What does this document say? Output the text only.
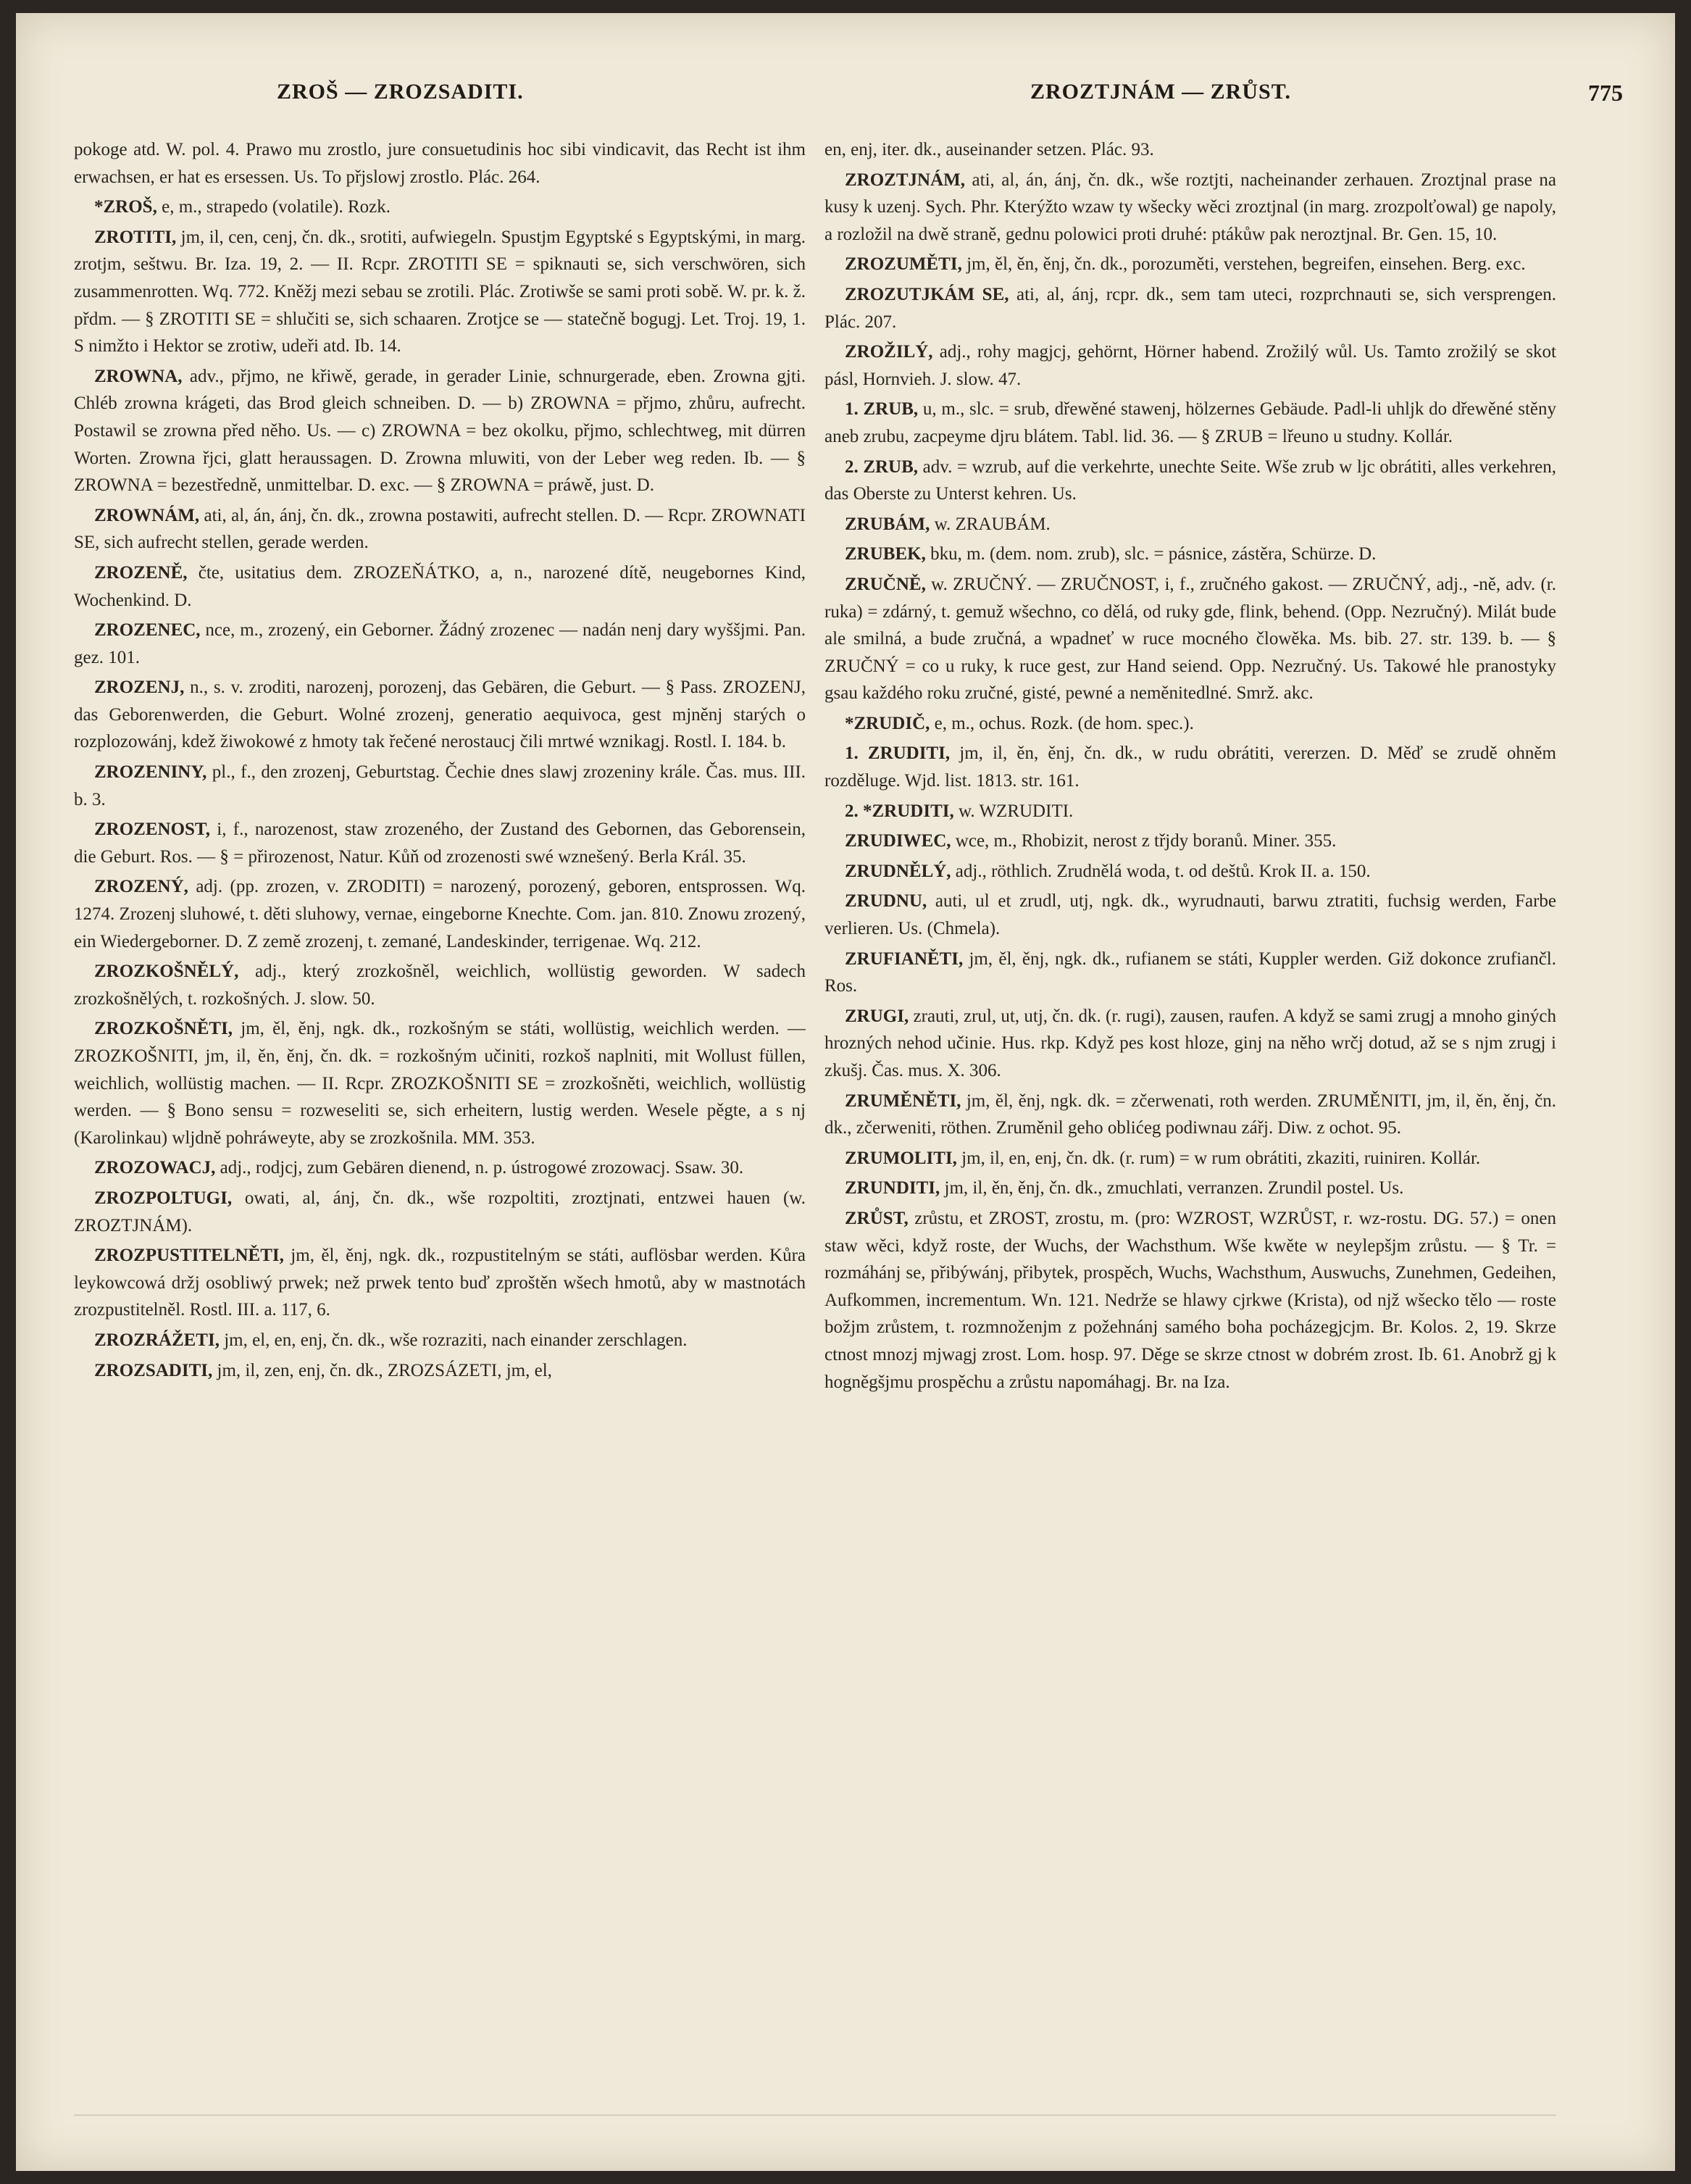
ZROŠ — ZROZSADITI.	ZROZTJNÁM — ZRŮST.	775

pokoge atd. W. pol. 4. Prawo mu zrostlo, jure consuetudinis hoc sibi vindicavit, das Recht ist ihm erwachsen, er hat es ersessen. Us. To přjslowj zrostlo. Plác. 264.

*ZROŠ, e, m., strapedo (volatile). Rozk.

ZROTITI, jm, il, cen, cenj, čn. dk., srotiti, aufwiegeln. Spustjm Egyptské s Egyptskými, in marg. zrotjm, seštwu. Br. Iza. 19, 2. — II. Rcpr. ZROTITI SE = spiknauti se, sich verschwören, sich zusammenrotten. Wq. 772. Kněžj mezi sebau se zrotili. Plác. Zrotiwše se sami proti sobě. W. pr. k. ž. přdm. — § ZROTITI SE = shlučiti se, sich schaaren. Zrotjce se — statečně bogugj. Let. Troj. 19, 1. S nimžto i Hektor se zrotiw, udeři atd. Ib. 14.

ZROWNA, adv., přjmo, ne křiwě, gerade, in gerader Linie, schnurgerade, eben. Zrowna gjti. Chléb zrowna krágeti, das Brod gleich schneiben. D. — b) ZROWNA = přjmo, zhůru, aufrecht. Postawil se zrowna před něho. Us. — c) ZROWNA = bez okolku, přjmo, schlechtweg, mit dürren Worten. Zrowna řjci, glatt heraussagen. D. Zrowna mluwiti, von der Leber weg reden. Ib. — § ZROWNA = bezestředně, unmittelbar. D. exc. — § ZROWNA = práwě, just. D.

ZROWNÁM, ati, al, án, ánj, čn. dk., zrowna postawiti, aufrecht stellen. D. — Rcpr. ZROWNATI SE, sich aufrecht stellen, gerade werden.

ZROZENĚ, čte, usitatius dem. ZROZEŇÁTKO, a, n., narozené dítě, neugebornes Kind, Wochenkind. D.

ZROZENEC, nce, m., zrozený, ein Geborner. Žádný zrozenec — nadán nenj dary wyššjmi. Pan. gez. 101.

ZROZENJ, n., s. v. zroditi, narozenj, porozenj, das Gebären, die Geburt. — § Pass. ZROZENJ, das Geborenwerden, die Geburt. Wolné zrozenj, generatio aequivoca, gest mjněnj starých o rozplozowánj, kdež žiwokowé z hmoty tak řečené nerostaucj čili mrtwé wznikagj. Rostl. I. 184. b.

ZROZENINY, pl., f., den zrozenj, Geburtstag. Čechie dnes slawj zrozeniny krále. Čas. mus. III. b. 3.

ZROZENOST, i, f., narozenost, staw zrozeného, der Zustand des Gebornen, das Geborensein, die Geburt. Ros. — § = přirozenost, Natur. Kůň od zrozenosti swé wznešený. Berla Král. 35.

ZROZENÝ, adj. (pp. zrozen, v. ZRODITI) = narozený, porozený, geboren, entsprossen. Wq. 1274. Zrozenj sluhowé, t. děti sluhowy, vernae, eingeborne Knechte. Com. jan. 810. Znowu zrozený, ein Wiedergeborner. D. Z země zrozenj, t. zemané, Landeskinder, terrigenae. Wq. 212.

ZROZKOŠNĚLÝ, adj., který zrozkošněl, weichlich, wollüstig geworden. W sadech zrozkošnělých, t. rozkošných. J. slow. 50.

ZROZKOŠNĚTI, jm, ěl, ěnj, ngk. dk., rozkošným se státi, wollüstig, weichlich werden. — ZROZKOŠNITI, jm, il, ěn, ěnj, čn. dk. = rozkošným učiniti, rozkoš naplniti, mit Wollust füllen, weichlich, wollüstig machen. — II. Rcpr. ZROZKOŠNITI SE = zrozkošněti, weichlich, wollüstig werden. — § Bono sensu = rozweseliti se, sich erheitern, lustig werden. Wesele pěgte, a s nj (Karolinkau) wljdně pohráweyte, aby se zrozkošnila. MM. 353.

ZROZOWACJ, adj., rodjcj, zum Gebären dienend, n. p. ústrogowé zrozowacj. Ssaw. 30.

ZROZPOLTUGI, owati, al, ánj, čn. dk., wše rozpoltiti, zroztjnati, entzwei hauen (w. ZROZTJNÁM).

ZROZPUSTITELNĚTI, jm, ěl, ěnj, ngk. dk., rozpustitelným se státi, auflösbar werden. Kůra leykowcowá držj osobliwý prwek; než prwek tento buď zproštěn wšech hmotů, aby w mastnotách zrozpustitelněl. Rostl. III. a. 117, 6.

ZROZRÁŽETI, jm, el, en, enj, čn. dk., wše rozraziti, nach einander zerschlagen.

ZROZSADITI, jm, il, zen, enj, čn. dk., ZROZSÁZETI, jm, el,

en, enj, iter. dk., auseinander setzen. Plác. 93.

ZROZTJNÁM, ati, al, án, ánj, čn. dk., wše roztjti, nacheinander zerhauen. Zroztjnal prase na kusy k uzenj. Sych. Phr. Kterýžto wzaw ty wšecky wěci zroztjnal (in marg. zrozpolťowal) ge napoly, a rozložil na dwě straně, gednu polowici proti druhé: ptákůw pak neroztjnal. Br. Gen. 15, 10.

ZROZUMĚTI, jm, ěl, ěn, ěnj, čn. dk., porozuměti, verstehen, begreifen, einsehen. Berg. exc.

ZROZUTJKÁM SE, ati, al, ánj, rcpr. dk., sem tam uteci, rozprchnauti se, sich versprengen. Plác. 207.

ZROŽILÝ, adj., rohy magjcj, gehörnt, Hörner habend. Zrožilý wůl. Us. Tamto zrožilý se skot pásl, Hornvieh. J. slow. 47.

1. ZRUB, u, m., slc. = srub, dřewěné stawenj, hölzernes Gebäude. Padl-li uhljk do dřewěné stěny aneb zrubu, zacpeyme djru blátem. Tabl. lid. 36. — § ZRUB = lřeuno u studny. Kollár.

2. ZRUB, adv. = wzrub, auf die verkehrte, unechte Seite. Wše zrub w ljc obrátiti, alles verkehren, das Oberste zu Unterst kehren. Us.

ZRUBÁM, w. ZRAUBÁM.

ZRUBEK, bku, m. (dem. nom. zrub), slc. = pásnice, zástěra, Schürze. D.

ZRUČNĚ, w. ZRUČNÝ. — ZRUČNOST, i, f., zručného gakost. — ZRUČNÝ, adj., -ně, adv. (r. ruka) = zdárný, t. gemuž wšechno, co dělá, od ruky gde, flink, behend. (Opp. Nezručný). Milát bude ale smilná, a bude zručná, a wpadneť w ruce mocného člowěka. Ms. bib. 27. str. 139. b. — § ZRUČNÝ = co u ruky, k ruce gest, zur Hand seiend. Opp. Nezručný. Us. Takowé hle pranostyky gsau každého roku zručné, gisté, pewné a neměnitedlné. Smrž. akc.

*ZRUDIČ, e, m., ochus. Rozk. (de hom. spec.).

1. ZRUDITI, jm, il, ěn, ěnj, čn. dk., w rudu obrátiti, vererzen. D. Měď se zrudě ohněm rozděluge. Wjd. list. 1813. str. 161.

2. *ZRUDITI, w. WZRUDITI.

ZRUDIWEC, wce, m., Rhobizit, nerost z třjdy boranů. Miner. 355.

ZRUDNĚLÝ, adj., röthlich. Zrudnělá woda, t. od deštů. Krok II. a. 150.

ZRUDNU, auti, ul et zrudl, utj, ngk. dk., wyrudnauti, barwu ztratiti, fuchsig werden, Farbe verlieren. Us. (Chmela).

ZRUFIANĚTI, jm, ěl, ěnj, ngk. dk., rufianem se státi, Kuppler werden. Giž dokonce zrufiančl. Ros.

ZRUGI, zrauti, zrul, ut, utj, čn. dk. (r. rugi), zausen, raufen. A když se sami zrugj a mnoho giných hrozných nehod učinie. Hus. rkp. Když pes kost hloze, ginj na něho wrčj dotud, až se s njm zrugj i zkušj. Čas. mus. X. 306.

ZRUMĚNĚTI, jm, ěl, ěnj, ngk. dk. = zčerwenati, roth werden. ZRUMĚNITI, jm, il, ěn, ěnj, čn. dk., zčerweniti, röthen. Zruměnil geho oblićeg podiwnau zářj. Diw. z ochot. 95.

ZRUMOLITI, jm, il, en, enj, čn. dk. (r. rum) = w rum obrátiti, zkaziti, ruiniren. Kollár.

ZRUNDITI, jm, il, ěn, ěnj, čn. dk., zmuchlati, verranzen. Zrundil postel. Us.

ZRŮST, zrůstu, et ZROST, zrostu, m. (pro: WZROST, WZRŮST, r. wz-rostu. DG. 57.) = onen staw wěci, když roste, der Wuchs, der Wachsthum. Wše kwěte w neylepšjm zrůstu. — § Tr. = rozmáhánj se, přibýwánj, přibytek, prospěch, Wuchs, Wachsthum, Auswuchs, Zunehmen, Gedeihen, Aufkommen, incrementum. Wn. 121. Nedrže se hlawy cjrkwe (Krista), od njž wšecko tělo — roste božjm zrůstem, t. rozmnoženjm z požehnánj samého boha pocházegjcjm. Br. Kolos. 2, 19. Skrze ctnost mnozj mjwagj zrost. Lom. hosp. 97. Děge se skrze ctnost w dobrém zrost. Ib. 61. Anobrž gj k hogněgšjmu prospěchu a zrůstu napomáhagj. Br. na Iza.
